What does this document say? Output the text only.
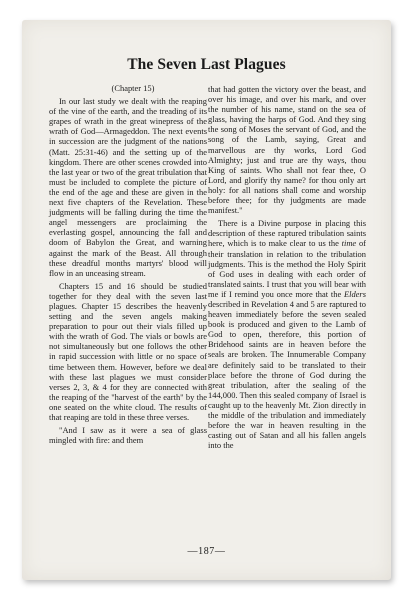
The Seven Last Plagues

(Chapter 15)

In our last study we dealt with the reaping of the vine of the earth, and the treading of its grapes of wrath in the great winepress of the wrath of God—Armageddon. The next events in succession are the judgment of the nations (Matt. 25:31-46) and the setting up of the kingdom. There are other scenes crowded into the last year or two of the great tribulation that must be included to complete the picture of the end of the age and these are given in the next five chapters of the Revelation. These judgments will be falling during the time the angel messengers are proclaiming the everlasting gospel, announcing the fall and doom of Babylon the Great, and warning against the mark of the Beast. All through these dreadful months martyrs' blood will flow in an unceasing stream.

Chapters 15 and 16 should be studied together for they deal with the seven last plagues. Chapter 15 describes the heavenly setting and the seven angels making preparation to pour out their vials filled up with the wrath of God. The vials or bowls are not simultaneously but one follows the other in rapid succession with little or no space of time between them. However, before we deal with these last plagues we must consider verses 2, 3, & 4 for they are connected with the reaping of the "harvest of the earth" by the one seated on the white cloud. The results of that reaping are told in these three verses.

"And I saw as it were a sea of glass mingled with fire: and them

that had gotten the victory over the beast, and over his image, and over his mark, and over the number of his name, stand on the sea of glass, having the harps of God. And they sing the song of Moses the servant of God, and the song of the Lamb, saying, Great and marvellous are thy works, Lord God Almighty; just and true are thy ways, thou King of saints. Who shall not fear thee, O Lord, and glorify thy name? for thou only art holy: for all nations shall come and worship before thee; for thy judgments are made manifest."

There is a Divine purpose in placing this description of these raptured tribulation saints here, which is to make clear to us the time of their translation in relation to the tribulation judgments. This is the method the Holy Spirit of God uses in dealing with each order of translated saints. I trust that you will bear with me if I remind you once more that the Elders described in Revelation 4 and 5 are raptured to heaven immediately before the seven sealed book is produced and given to the Lamb of God to open, therefore, this portion of Bridehood saints are in heaven before the seals are broken. The Innumerable Company are definitely said to be translated to their place before the throne of God during the great tribulation, after the sealing of the 144,000. Then this sealed company of Israel is caught up to the heavenly Mt. Zion directly in the middle of the tribulation and immediately before the war in heaven resulting in the casting out of Satan and all his fallen angels into the

—187—
